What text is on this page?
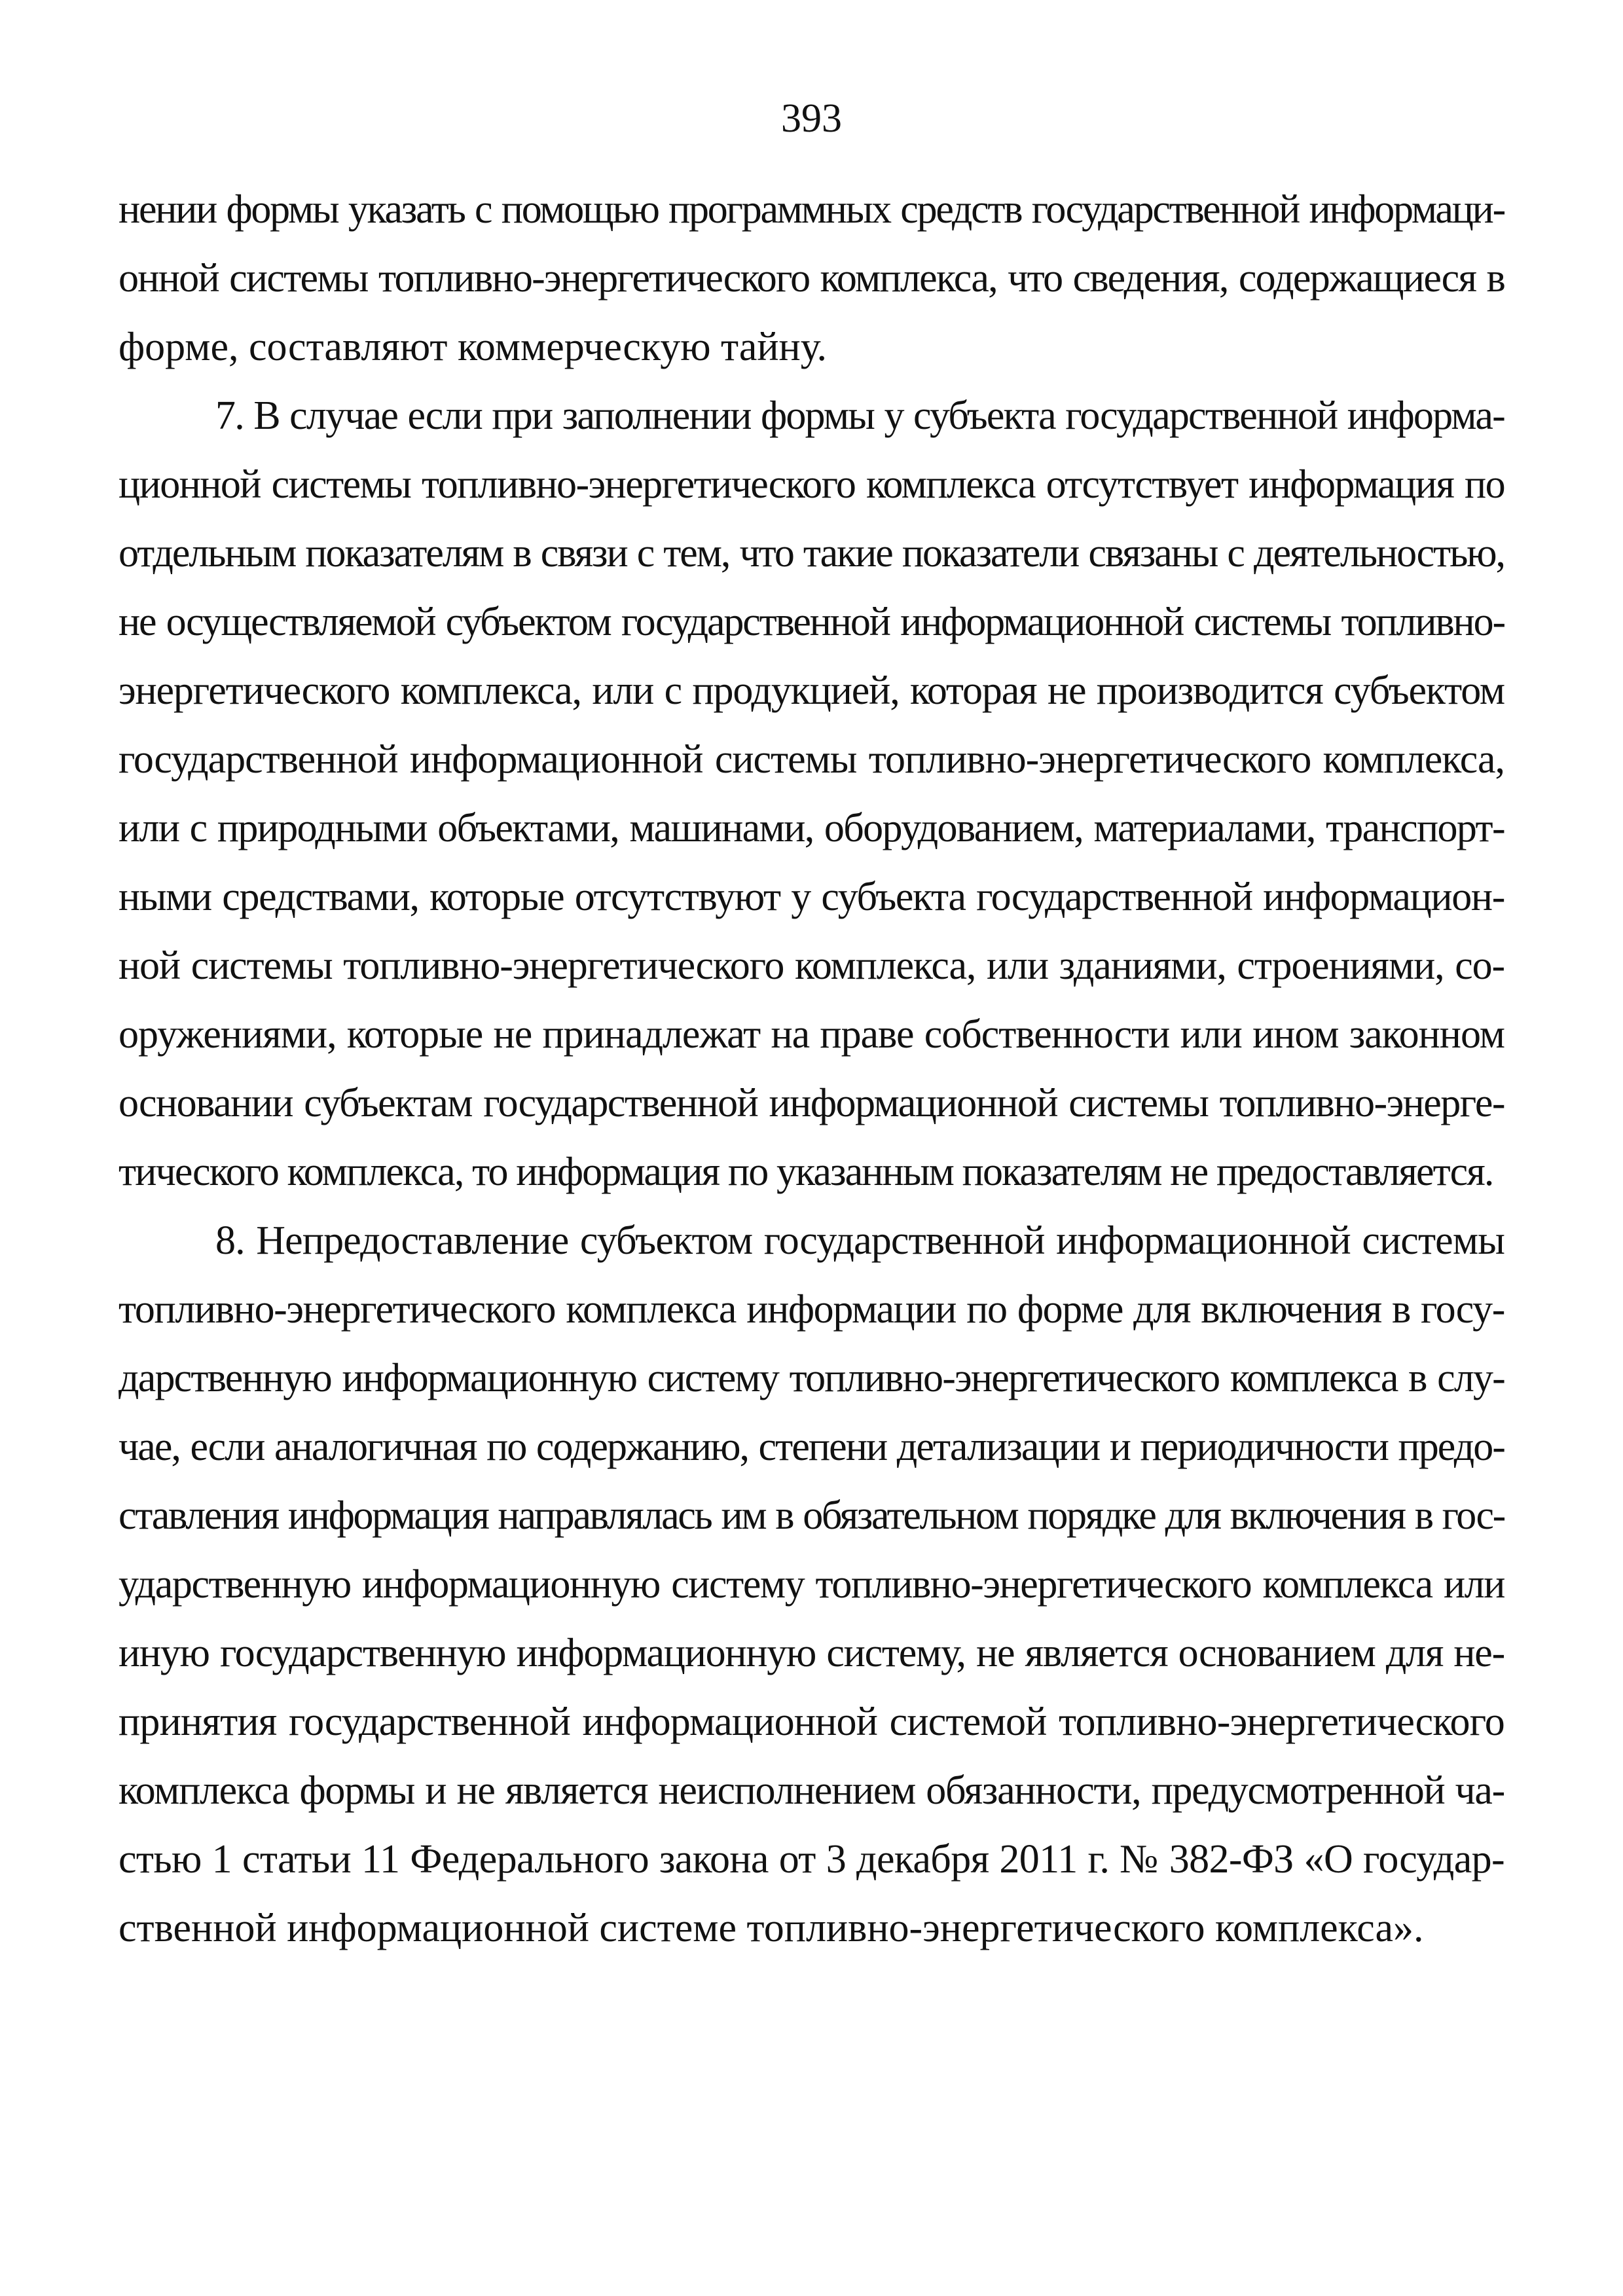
393
нении формы указать с помощью программных средств государственной информаци-
онной системы топливно-энергетического комплекса, что сведения, содержащиеся в
форме, составляют коммерческую тайну.
7. В случае если при заполнении формы у субъекта государственной информа-
ционной системы топливно-энергетического комплекса отсутствует информация по
отдельным показателям в связи с тем, что такие показатели связаны с деятельностью,
не осуществляемой субъектом государственной информационной системы топливно-
энергетического комплекса, или с продукцией, которая не производится субъектом
государственной информационной системы топливно-энергетического комплекса,
или с природными объектами, машинами, оборудованием, материалами, транспорт-
ными средствами, которые отсутствуют у субъекта государственной информацион-
ной системы топливно-энергетического комплекса, или зданиями, строениями, со-
оружениями, которые не принадлежат на праве собственности или ином законном
основании субъектам государственной информационной системы топливно-энерге-
тического комплекса, то информация по указанным показателям не предоставляется.
8. Непредоставление субъектом государственной информационной системы
топливно-энергетического комплекса информации по форме для включения в госу-
дарственную информационную систему топливно-энергетического комплекса в слу-
чае, если аналогичная по содержанию, степени детализации и периодичности предо-
ставления информация направлялась им в обязательном порядке для включения в гос-
ударственную информационную систему топливно-энергетического комплекса или
иную государственную информационную систему, не является основанием для не-
принятия государственной информационной системой топливно-энергетического
комплекса формы и не является неисполнением обязанности, предусмотренной ча-
стью 1 статьи 11 Федерального закона от 3 декабря 2011 г. № 382-ФЗ «О государ-
ственной информационной системе топливно-энергетического комплекса».
